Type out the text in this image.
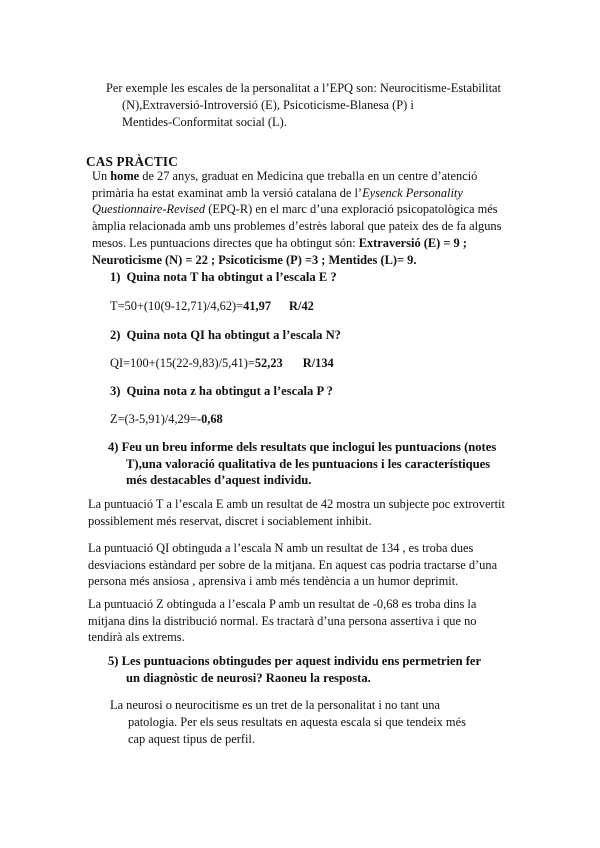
Per exemple les escales de la personalitat a l’EPQ son: Neurocitisme-Estabilitat
(N),Extraversió-Introversió (E), Psicoticisme-Blanesa (P) i
Mentides-Conformitat social (L).
CAS PRÀCTIC
Un home de 27 anys, graduat en Medicina que treballa en un centre d’atenció primària ha estat examinat amb la versió catalana de l’Eysenck Personality Questionnaire-Revised (EPQ-R) en el marc d’una exploració psicopatològica més àmplia relacionada amb uns problemes d’estrès laboral que pateix des de fa alguns mesos. Les puntuacions directes que ha obtingut són: Extraversió (E) = 9 ; Neuroticisme (N) = 22 ; Psicoticisme (P) =3 ; Mentides (L)= 9.
1) Quina nota T ha obtingut a l’escala E ?
T=50+(10(9-12,71)/4,62)=41,97 R/42
2) Quina nota QI ha obtingut a l’escala N?
QI=100+(15(22-9,83)/5,41)=52,23 R/134
3) Quina nota z ha obtingut a l’escala P ?
Z=(3-5,91)/4,29=-0,68
4) Feu un breu informe dels resultats que inclogui les puntuacions (notes
T),una valoració qualitativa de les puntuacions i les característiques
més destacables d’aquest individu.
La puntuació T a l’escala E amb un resultat de 42 mostra un subjecte poc extrovertit possiblement més reservat, discret i sociablement inhibit.
La puntuació QI obtinguda a l’escala N amb un resultat de 134 , es troba dues desviacions estàndard per sobre de la mitjana. En aquest cas podria tractarse d’una persona més ansiosa , aprensiva i amb més tendència a un humor deprimit.
La puntuació Z obtinguda a l’escala P amb un resultat de -0,68 es troba dins la mitjana dins la distribució normal. Es tractarà d’una persona assertiva i que no tendirà als extrems.
5) Les puntuacions obtingudes per aquest individu ens permetrien fer
un diagnòstic de neurosi? Raoneu la resposta.
La neurosi o neurocitisme es un tret de la personalitat i no tant una
patologia. Per els seus resultats en aquesta escala si que tendeix més
cap aquest tipus de perfil.
